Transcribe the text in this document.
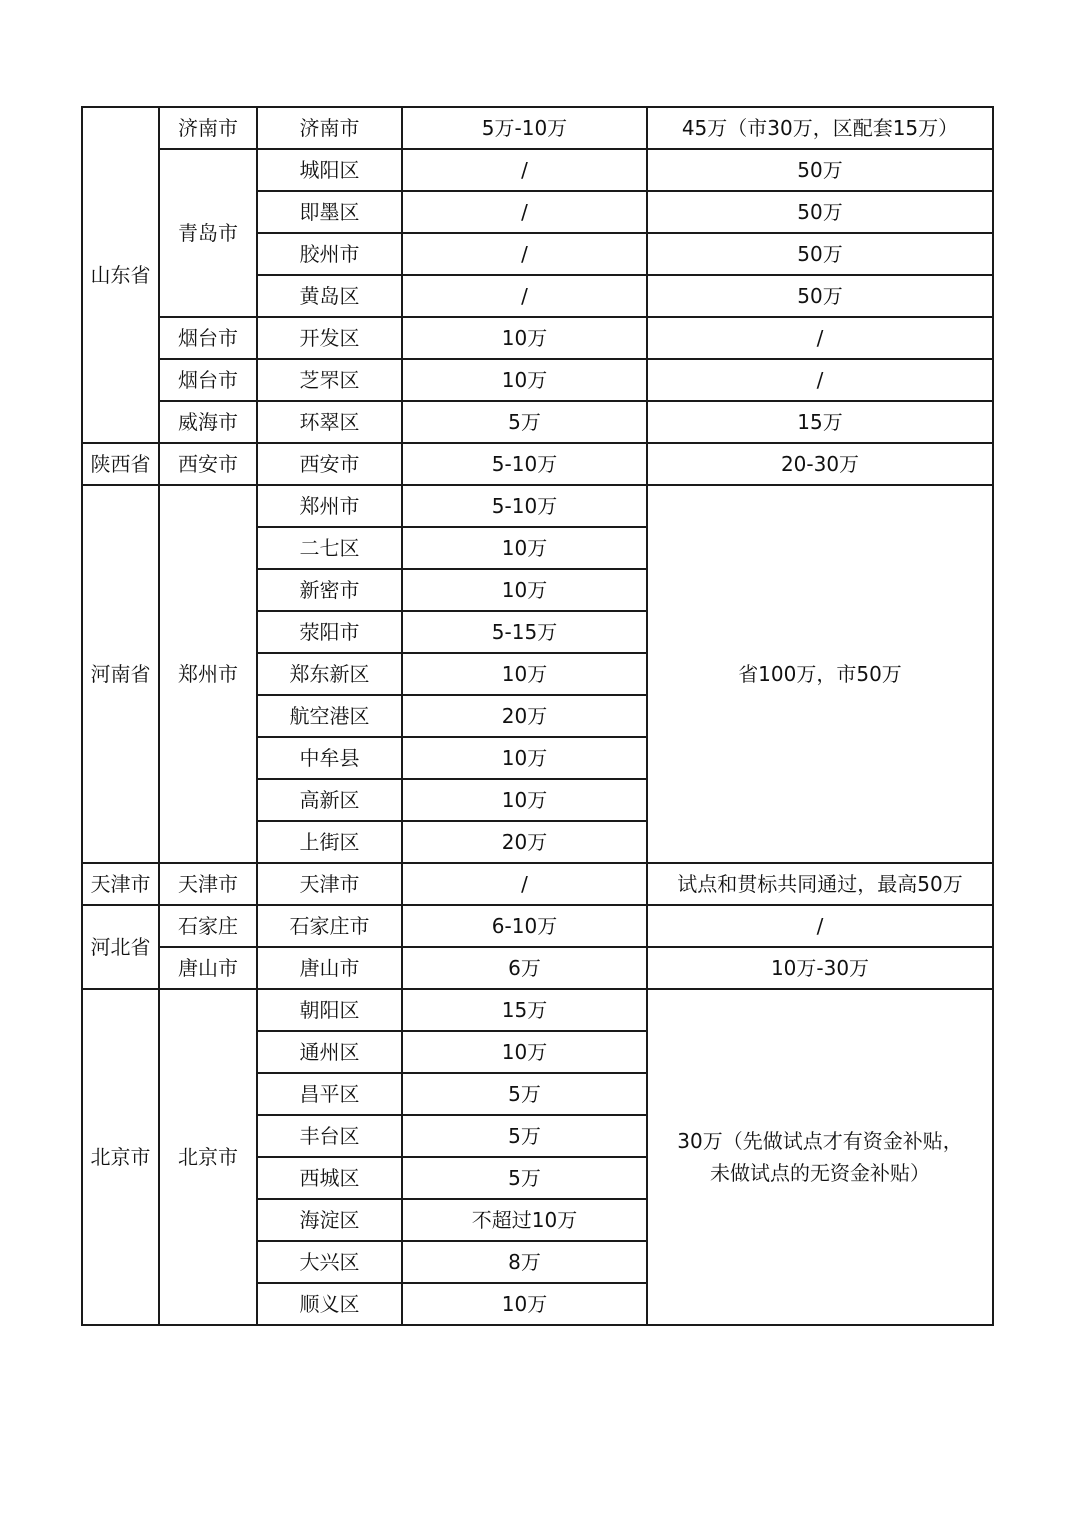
山东省	济南市	济南市	5万-10万	45万（市30万，区配套15万）
	青岛市	城阳区	/	50万
		即墨区	/	50万
		胶州市	/	50万
		黄岛区	/	50万
	烟台市	开发区	10万	/
	烟台市	芝罘区	10万	/
	威海市	环翠区	5万	15万
陕西省	西安市	西安市	5-10万	20-30万
河南省	郑州市	郑州市	5-10万	省100万，市50万
		二七区	10万	
		新密市	10万	
		荥阳市	5-15万	
		郑东新区	10万	
		航空港区	20万	
		中牟县	10万	
		高新区	10万	
		上街区	20万	
天津市	天津市	天津市	/	试点和贯标共同通过，最高50万
河北省	石家庄	石家庄市	6-10万	/
	唐山市	唐山市	6万	10万-30万
北京市	北京市	朝阳区	15万	30万（先做试点才有资金补贴，
未做试点的无资金补贴）

		通州区	10万	
		昌平区	5万	
		丰台区	5万	
		西城区	5万	
		海淀区	不超过10万	
		大兴区	8万	
		顺义区	10万	
